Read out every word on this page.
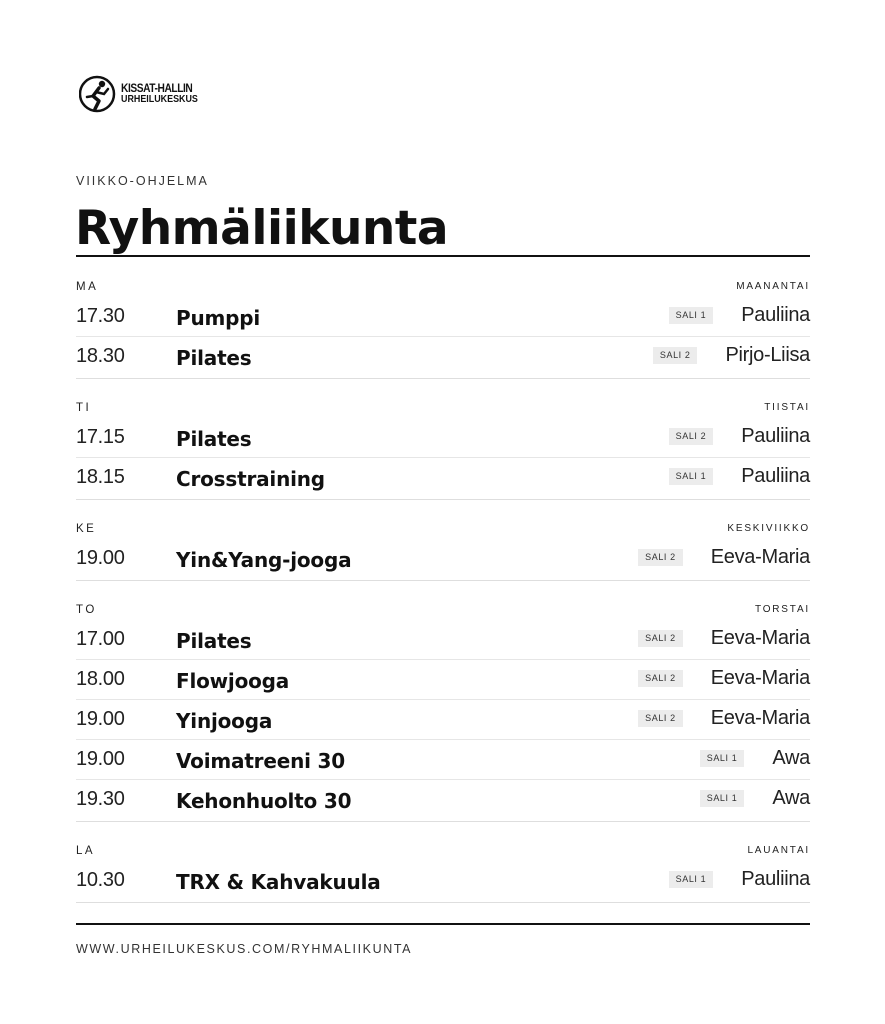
KISSAT-HALLIN
URHEILUKESKUS
VIIKKO-OHJELMA
Ryhmäliikunta
MA	MAANANTAI
17.30	Pumppi	SALI 1	Pauliina
18.30	Pilates	SALI 2	Pirjo-Liisa
TI	TIISTAI
17.15	Pilates	SALI 2	Pauliina
18.15	Crosstraining	SALI 1	Pauliina
KE	KESKIVIIKKO
19.00	Yin&Yang-jooga	SALI 2	Eeva-Maria
TO	TORSTAI
17.00	Pilates	SALI 2	Eeva-Maria
18.00	Flowjooga	SALI 2	Eeva-Maria
19.00	Yinjooga	SALI 2	Eeva-Maria
19.00	Voimatreeni 30	SALI 1	Awa
19.30	Kehonhuolto 30	SALI 1	Awa
LA	LAUANTAI
10.30	TRX & Kahvakuula	SALI 1	Pauliina
WWW.URHEILUKESKUS.COM/RYHMALIIKUNTA
